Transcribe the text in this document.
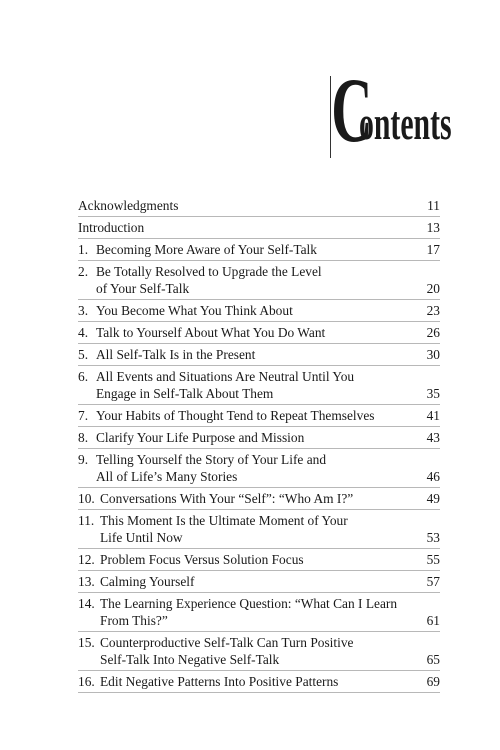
C
ontents
Acknowledgments	11
Introduction	13
1. Becoming More Aware of Your Self-Talk	17
2. Be Totally Resolved to Upgrade the Level
of Your Self-Talk	20
3. You Become What You Think About	23
4. Talk to Yourself About What You Do Want	26
5. All Self-Talk Is in the Present	30
6. All Events and Situations Are Neutral Until You
Engage in Self-Talk About Them	35
7. Your Habits of Thought Tend to Repeat Themselves	41
8. Clarify Your Life Purpose and Mission	43
9. Telling Yourself the Story of Your Life and
All of Life’s Many Stories	46
10. Conversations With Your “Self”: “Who Am I?”	49
11. This Moment Is the Ultimate Moment of Your
Life Until Now	53
12. Problem Focus Versus Solution Focus	55
13. Calming Yourself	57
14. The Learning Experience Question: “What Can I Learn
From This?”	61
15. Counterproductive Self-Talk Can Turn Positive
Self-Talk Into Negative Self-Talk	65
16. Edit Negative Patterns Into Positive Patterns	69
